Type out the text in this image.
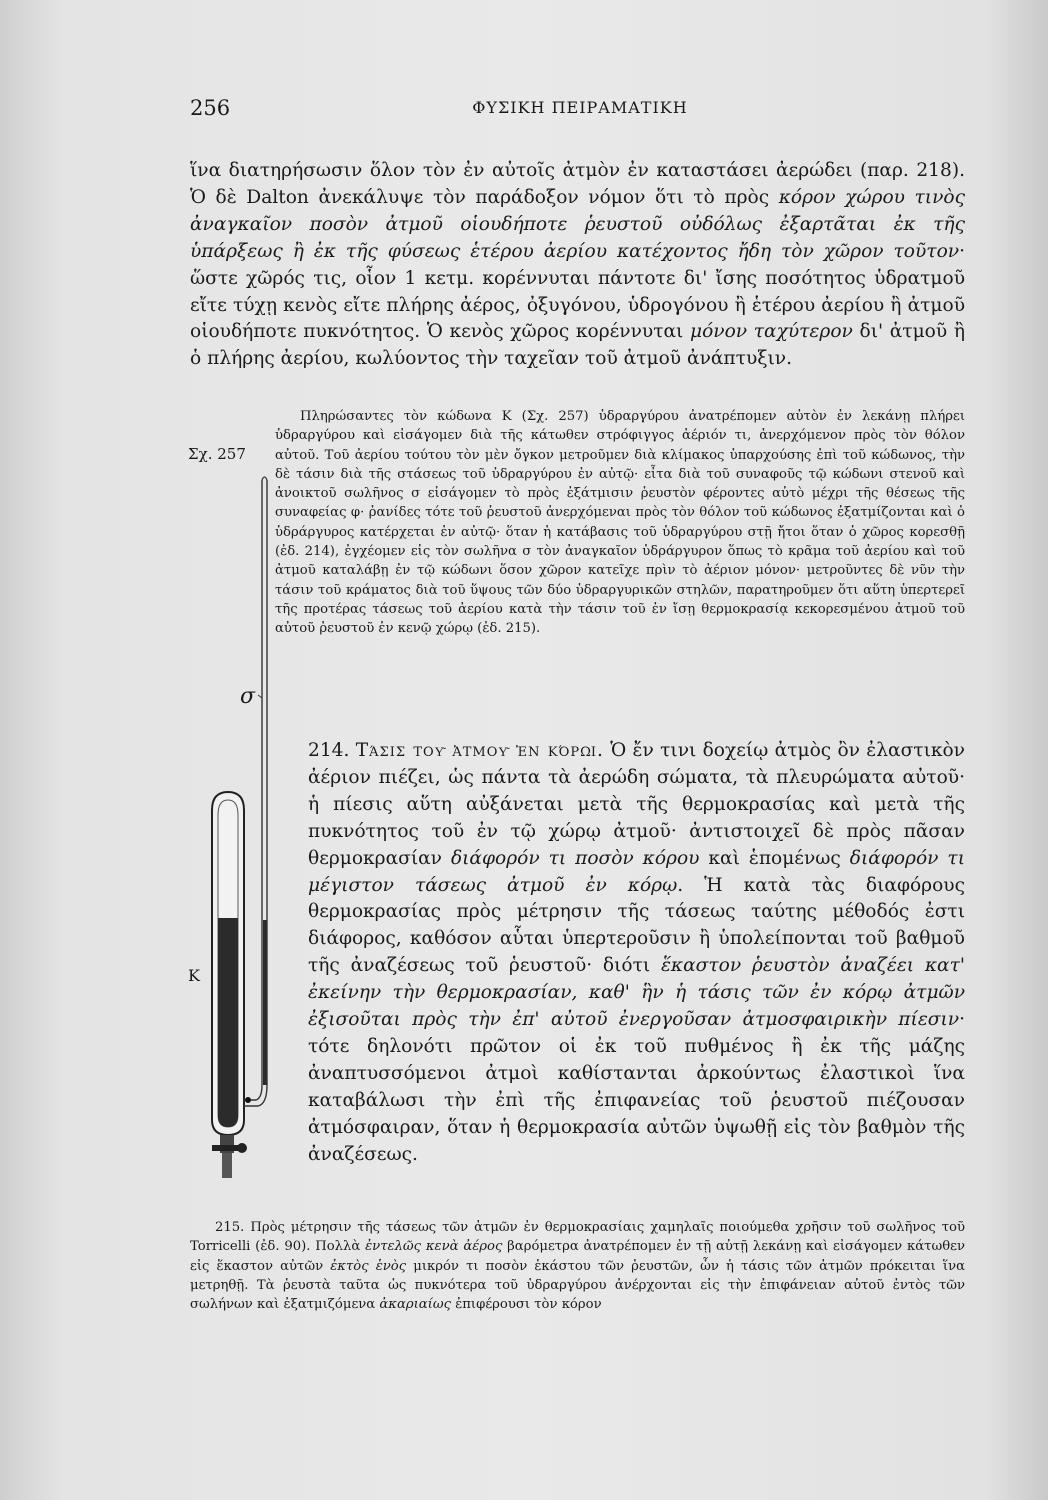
256	ΦΥΣΙΚΗ ΠΕΙΡΑΜΑΤΙΚΗ
ἵνα διατηρήσωσιν ὅλον τὸν ἐν αὐτοῖς ἀτμὸν ἐν καταστάσει ἀερώδει (παρ. 218). Ὁ δὲ Dalton ἀνεκάλυψε τὸν παράδοξον νόμον ὅτι τὸ πρὸς κόρον χώρου τινὸς ἀναγκαῖον ποσὸν ἀτμοῦ οἱουδήποτε ῥευστοῦ οὐδόλως ἐξαρτᾶται ἐκ τῆς ὑπάρξεως ἢ ἐκ τῆς φύσεως ἑτέρου ἀερίου κατέχοντος ἤδη τὸν χῶρον τοῦτον· ὥστε χῶρός τις, οἷον 1 κετμ. κορέννυται πάντοτε δι' ἴσης ποσότητος ὑδρατμοῦ εἴτε τύχῃ κενὸς εἴτε πλήρης ἀέρος, ὀξυγόνου, ὑδρογόνου ἢ ἑτέρου ἀερίου ἢ ἀτμοῦ οἱουδήποτε πυκνότητος. Ὁ κενὸς χῶρος κορέννυται μόνον ταχύτερον δι' ἀτμοῦ ἢ ὁ πλήρης ἀερίου, κωλύοντος τὴν ταχεῖαν τοῦ ἀτμοῦ ἀνάπτυξιν.
Σχ. 257
Πληρώσαντες τὸν κώδωνα Κ (Σχ. 257) ὑδραργύρου ἀνατρέπομεν αὐτὸν ἐν λεκάνῃ πλήρει ὑδραργύρου καὶ εἰσάγομεν διὰ τῆς κάτωθεν στρόφιγγος ἀέριόν τι, ἀνερχόμενον πρὸς τὸν θόλον αὐτοῦ. Τοῦ ἀερίου τούτου τὸν μὲν ὄγκον μετροῦμεν διὰ κλίμακος ὑπαρχούσης ἐπὶ τοῦ κώδωνος, τὴν δὲ τάσιν διὰ τῆς στάσεως τοῦ ὑδραργύρου ἐν αὐτῷ· εἶτα διὰ τοῦ συναφοῦς τῷ κώδωνι στενοῦ καὶ ἀνοικτοῦ σωλῆνος σ εἰσάγομεν τὸ πρὸς ἐξάτμισιν ῥευστὸν φέροντες αὐτὸ μέχρι τῆς θέσεως τῆς συναφείας φ· ῥανίδες τότε τοῦ ῥευστοῦ ἀνερχόμεναι πρὸς τὸν θόλον τοῦ κώδωνος ἐξατμίζονται καὶ ὁ ὑδράργυρος κατέρχεται ἐν αὐτῷ· ὅταν ἡ κατάβασις τοῦ ὑδραργύρου στῇ ἤτοι ὅταν ὁ χῶρος κορεσθῇ (ἐδ. 214), ἐγχέομεν εἰς τὸν σωλῆνα σ τὸν ἀναγκαῖον ὑδράργυρον ὅπως τὸ κρᾶμα τοῦ ἀερίου καὶ τοῦ ἀτμοῦ καταλάβῃ ἐν τῷ κώδωνι ὅσον χῶρον κατεῖχε πρὶν τὸ ἀέριον μόνον· μετροῦντες δὲ νῦν τὴν τάσιν τοῦ κράματος διὰ τοῦ ὕψους τῶν δύο ὑδραργυρικῶν στηλῶν, παρατηροῦμεν ὅτι αὕτη ὑπερτερεῖ τῆς προτέρας τάσεως τοῦ ἀερίου κατὰ τὴν τάσιν τοῦ ἐν ἴσῃ θερμοκρασίᾳ κεκορεσμένου ἀτμοῦ τοῦ αὐτοῦ ῥευστοῦ ἐν κενῷ χώρῳ (ἐδ. 215).
σ
Κ
214. Τάσις τοῦ ἀτμοῦ ἐν κόρῳ. Ὁ ἔν τινι δοχείῳ ἀτμὸς ὂν ἐλαστικὸν ἀέριον πιέζει, ὡς πάντα τὰ ἀερώδη σώματα, τὰ πλευρώματα αὐτοῦ· ἡ πίεσις αὕτη αὐξάνεται μετὰ τῆς θερμοκρασίας καὶ μετὰ τῆς πυκνότητος τοῦ ἐν τῷ χώρῳ ἀτμοῦ· ἀντιστοιχεῖ δὲ πρὸς πᾶσαν θερμοκρασίαν διάφορόν τι ποσὸν κόρου καὶ ἑπομένως διάφορόν τι μέγιστον τάσεως ἀτμοῦ ἐν κόρῳ. Ἡ κατὰ τὰς διαφόρους θερμοκρασίας πρὸς μέτρησιν τῆς τάσεως ταύτης μέθοδός ἐστι διάφορος, καθόσον αὗται ὑπερτεροῦσιν ἢ ὑπολείπονται τοῦ βαθμοῦ τῆς ἀναζέσεως τοῦ ῥευστοῦ· διότι ἕκαστον ῥευστὸν ἀναζέει κατ' ἐκείνην τὴν θερμοκρασίαν, καθ' ἣν ἡ τάσις τῶν ἐν κόρῳ ἀτμῶν ἐξισοῦται πρὸς τὴν ἐπ' αὐτοῦ ἐνεργοῦσαν ἀτμοσφαιρικὴν πίεσιν· τότε δηλονότι πρῶτον οἱ ἐκ τοῦ πυθμένος ἢ ἐκ τῆς μάζης ἀναπτυσσόμενοι ἀτμοὶ καθίστανται ἀρκούντως ἐλαστικοὶ ἵνα καταβάλωσι τὴν ἐπὶ τῆς ἐπιφανείας τοῦ ῥευστοῦ πιέζουσαν ἀτμόσφαιραν, ὅταν ἡ θερμοκρασία αὐτῶν ὑψωθῇ εἰς τὸν βαθμὸν τῆς ἀναζέσεως.
215. Πρὸς μέτρησιν τῆς τάσεως τῶν ἀτμῶν ἐν θερμοκρασίαις χαμηλαῖς ποιούμεθα χρῆσιν τοῦ σωλῆνος τοῦ Torricelli (ἐδ. 90). Πολλὰ ἐντελῶς κενὰ ἀέρος βαρόμετρα ἀνατρέπομεν ἐν τῇ αὐτῇ λεκάνῃ καὶ εἰσάγομεν κάτωθεν εἰς ἕκαστον αὐτῶν ἐκτὸς ἑνὸς μικρόν τι ποσὸν ἑκάστου τῶν ῥευστῶν, ὧν ἡ τάσις τῶν ἀτμῶν πρόκειται ἵνα μετρηθῇ. Τὰ ῥευστὰ ταῦτα ὡς πυκνότερα τοῦ ὑδραργύρου ἀνέρχονται εἰς τὴν ἐπιφάνειαν αὐτοῦ ἐντὸς τῶν σωλήνων καὶ ἐξατμιζόμενα ἀκαριαίως ἐπιφέρουσι τὸν κόρον
